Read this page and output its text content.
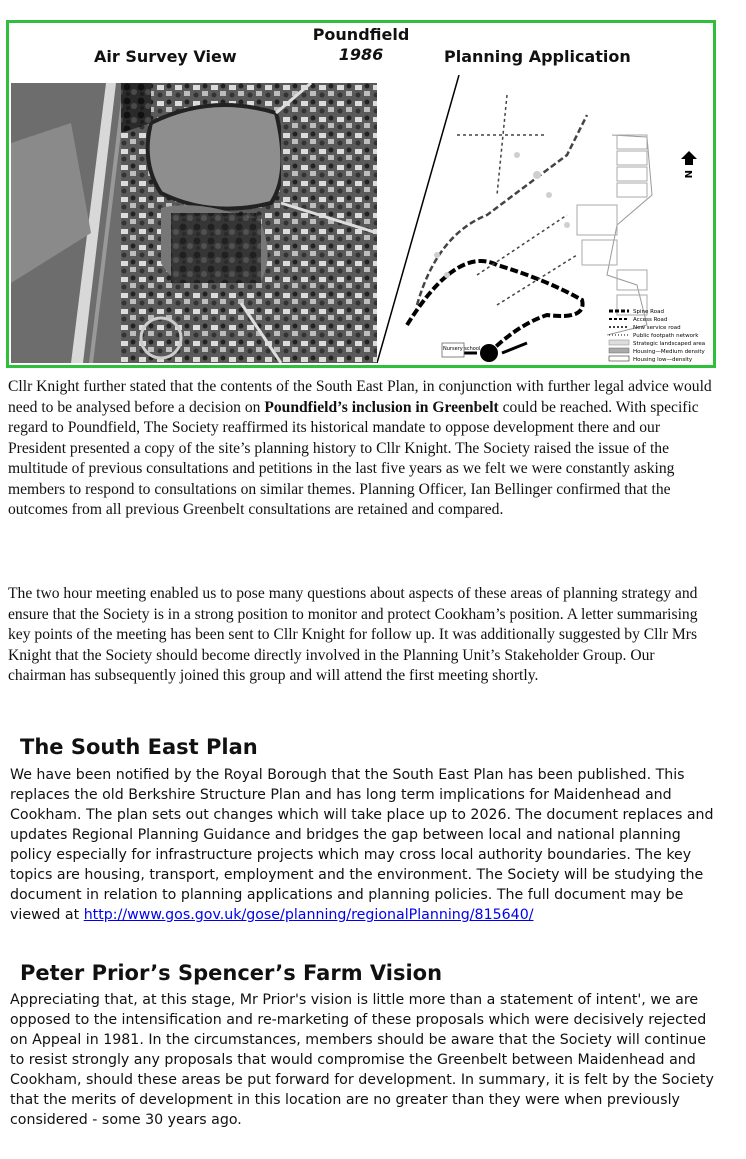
Poundfield
1986
Air Survey View	Planning Application
Nursery school
N
Spine Road
Access Road
New service road
Public footpath network
Strategic landscaped area
Housing—Medium density
Housing low—density

Cllr Knight further stated that the contents of the South East Plan, in conjunction with further legal advice would need to be analysed before a decision on Poundfield’s inclusion in Greenbelt could be reached. With specific regard to Poundfield, The Society reaffirmed its historical mandate to oppose development there and our President presented a copy of the site’s planning history to Cllr Knight. The Society raised the issue of the multitude of previous consultations and petitions in the last five years as we felt we were constantly asking members to respond to consultations on similar themes. Planning Officer, Ian Bellinger confirmed that the outcomes from all previous Greenbelt consultations are retained and compared.

The two hour meeting enabled us to pose many questions about aspects of these areas of planning strategy and ensure that the Society is in a strong position to monitor and protect Cookham’s position. A letter summarising key points of the meeting has been sent to Cllr Knight for follow up. It was additionally suggested by Cllr Mrs Knight that the Society should become directly involved in the Planning Unit’s Stakeholder Group. Our chairman has subsequently joined this group and will attend the first meeting shortly.

The South East Plan

We have been notified by the Royal Borough that the South East Plan has been published. This replaces the old Berkshire Structure Plan and has long term implications for Maidenhead and Cookham. The plan sets out changes which will take place up to 2026. The document replaces and updates Regional Planning Guidance and bridges the gap between local and national planning policy especially for infrastructure projects which may cross local authority boundaries. The key topics are housing, transport, employment and the environment. The Society will be studying the document in relation to planning applications and planning policies. The full document may be viewed at http://www.gos.gov.uk/gose/planning/regionalPlanning/815640/

Peter Prior’s Spencer’s Farm Vision

Appreciating that, at this stage, Mr Prior's vision is little more than a statement of intent', we are opposed to the intensification and re-marketing of these proposals which were decisively rejected on Appeal in 1981. In the circumstances, members should be aware that the Society will continue to resist strongly any proposals that would compromise the Greenbelt between Maidenhead and Cookham, should these areas be put forward for development. In summary, it is felt by the Society that the merits of development in this location are no greater than they were when previously considered - some 30 years ago.
